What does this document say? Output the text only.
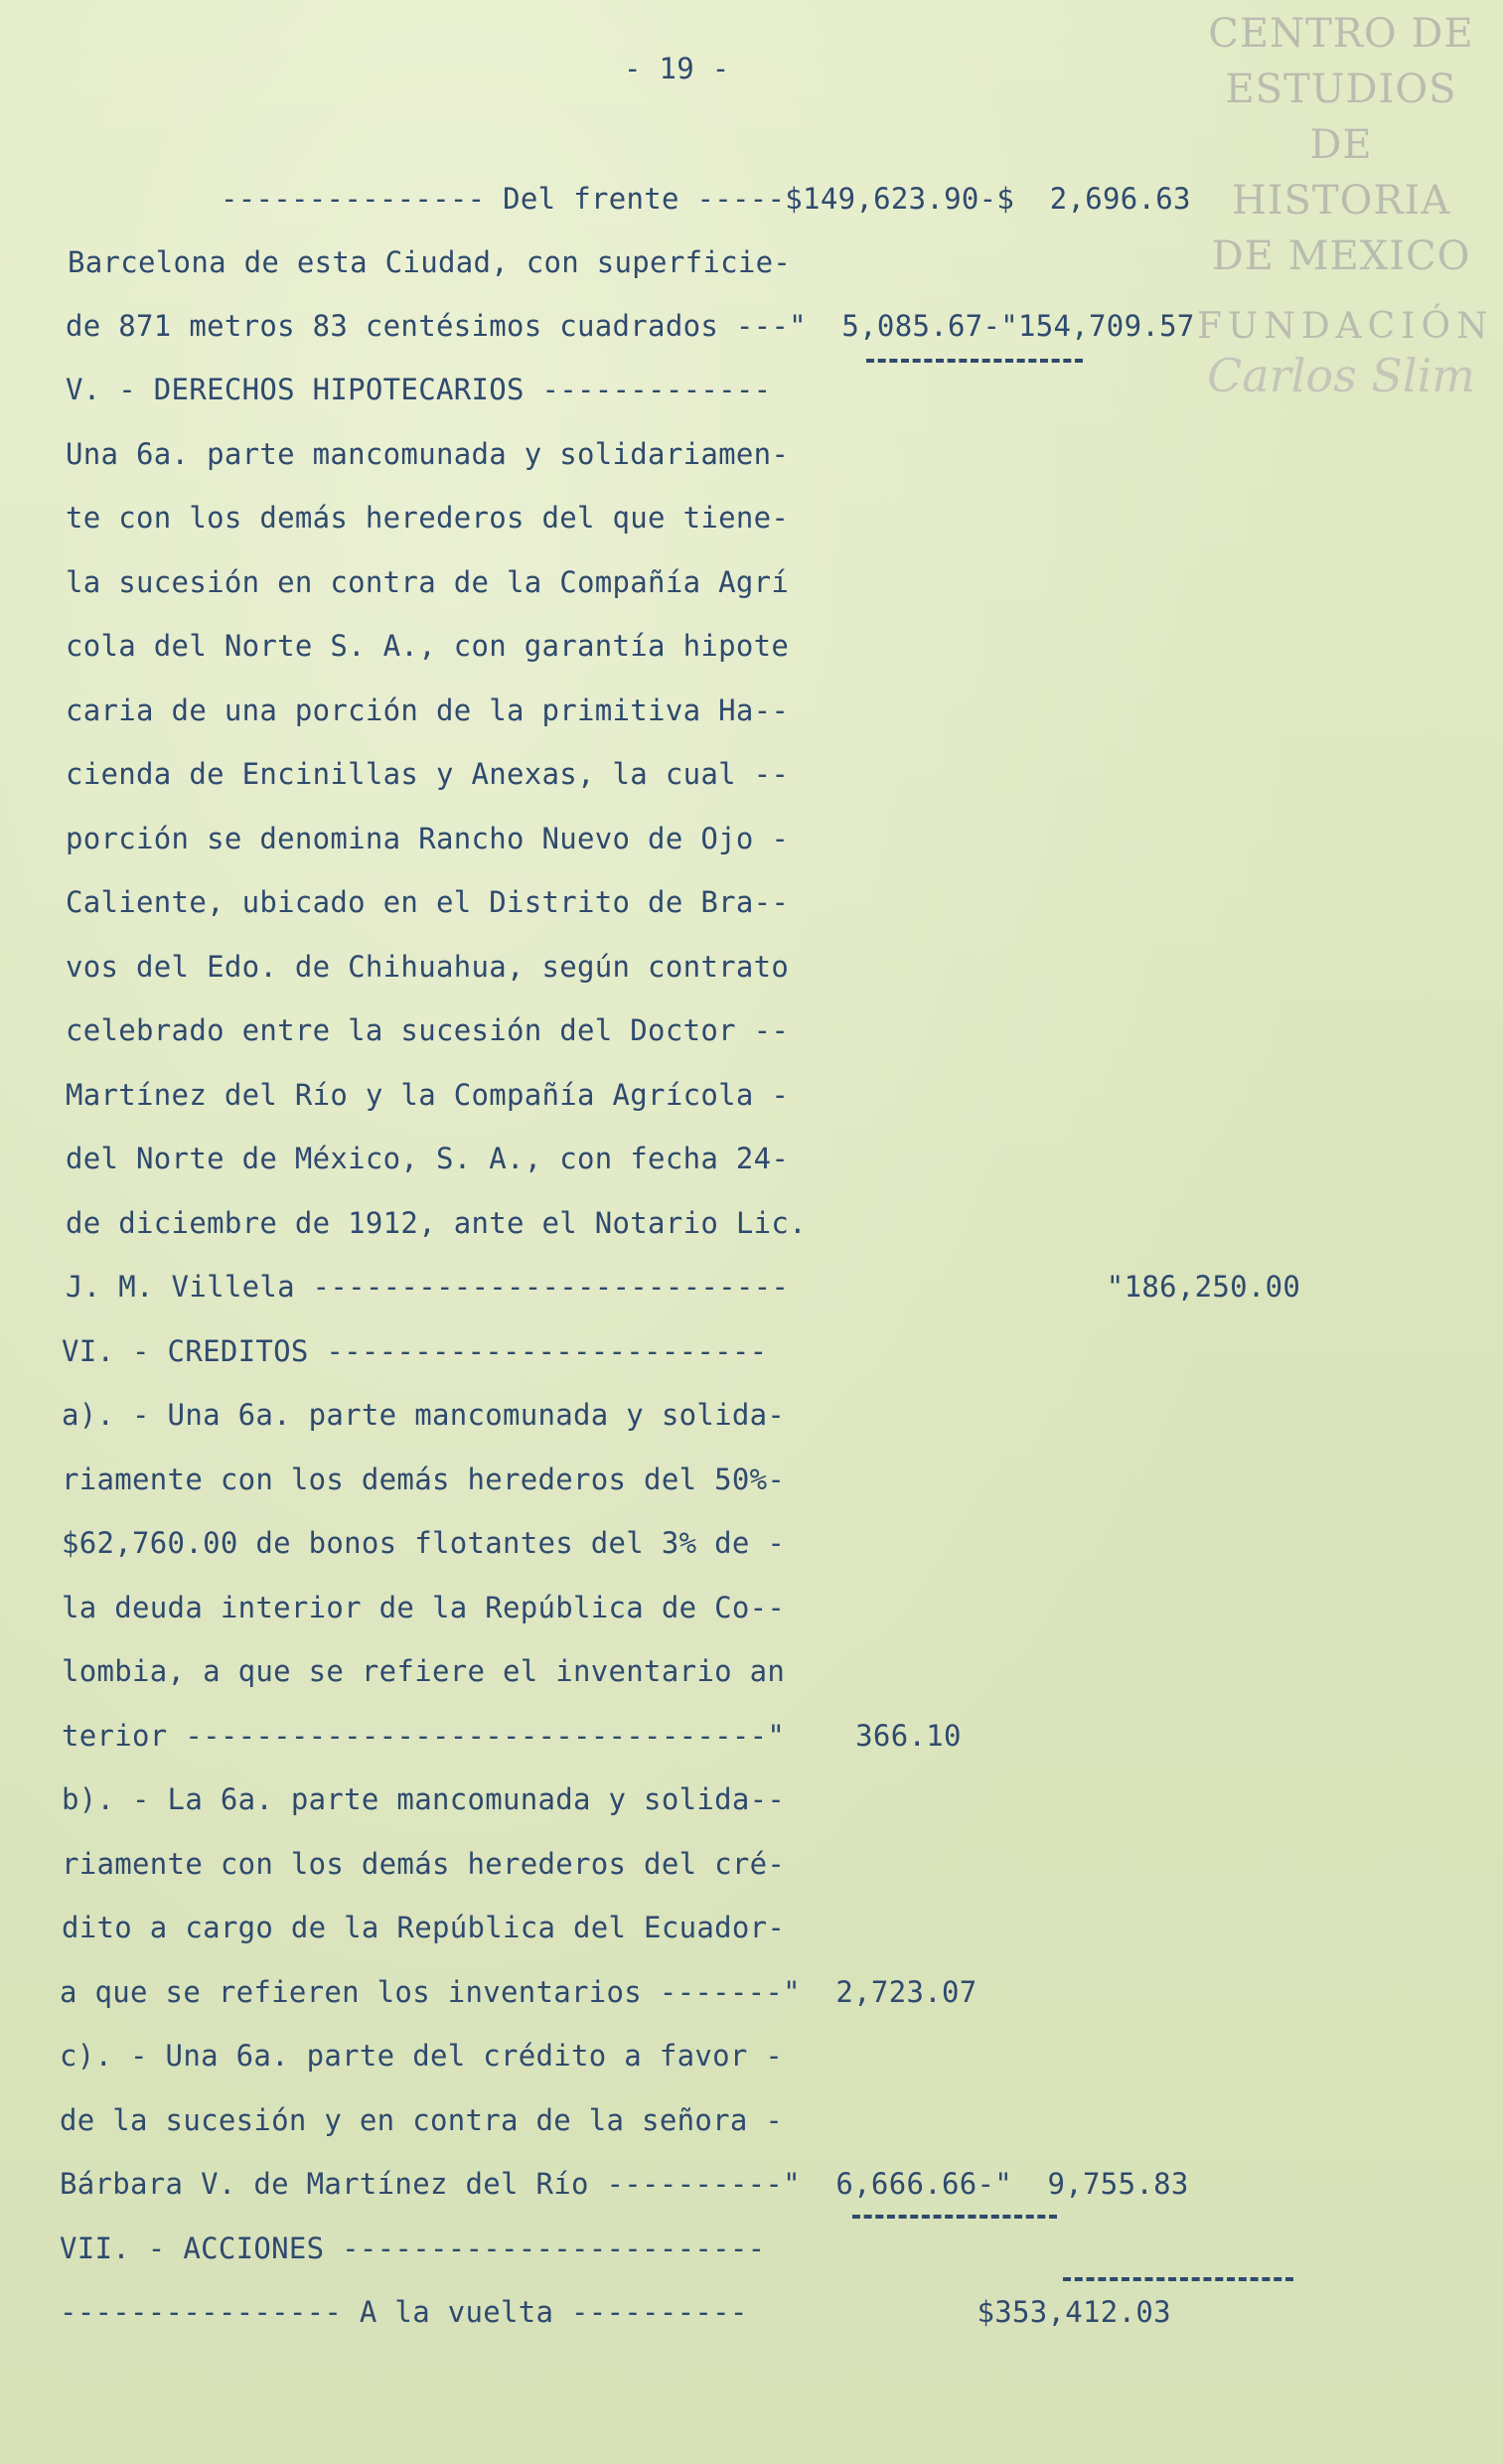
CENTRO DE
ESTUDIOS
DE HISTORIA
DE MEXICO
FUNDACIÓN
Carlos Slim
- 19 -
--------------- Del frente -----$149,623.90-$  2,696.63
Barcelona de esta Ciudad, con superficie-
de 871 metros 83 centésimos cuadrados ---"  5,085.67-"154,709.57
V. - DERECHOS HIPOTECARIOS -------------
Una 6a. parte mancomunada y solidariamen-
te con los demás herederos del que tiene-
la sucesión en contra de la Compañía Agrí
cola del Norte S. A., con garantía hipote
caria de una porción de la primitiva Ha--
cienda de Encinillas y Anexas, la cual --
porción se denomina Rancho Nuevo de Ojo -
Caliente, ubicado en el Distrito de Bra--
vos del Edo. de Chihuahua, según contrato
celebrado entre la sucesión del Doctor --
Martínez del Río y la Compañía Agrícola -
del Norte de México, S. A., con fecha 24-
de diciembre de 1912, ante el Notario Lic.
J. M. Villela ---------------------------                  "186,250.00
VI. - CREDITOS -------------------------
a). - Una 6a. parte mancomunada y solida-
riamente con los demás herederos del 50%-
$62,760.00 de bonos flotantes del 3% de -
la deuda interior de la República de Co--
lombia, a que se refiere el inventario an
terior ---------------------------------"    366.10
b). - La 6a. parte mancomunada y solida--
riamente con los demás herederos del cré-
dito a cargo de la República del Ecuador-
a que se refieren los inventarios -------"  2,723.07
c). - Una 6a. parte del crédito a favor -
de la sucesión y en contra de la señora -
Bárbara V. de Martínez del Río ----------"  6,666.66-"  9,755.83
VII. - ACCIONES ------------------------
---------------- A la vuelta ----------             $353,412.03
